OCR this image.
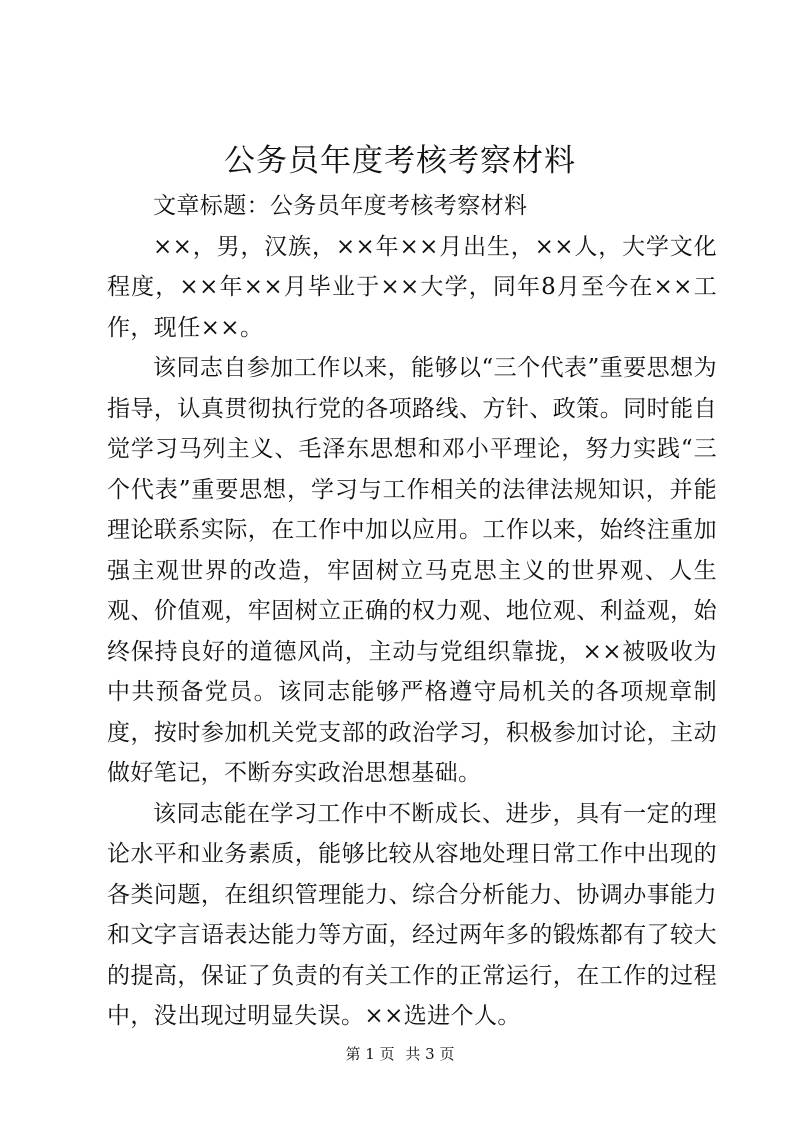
公务员年度考核考察材料

文章标题：公务员年度考核考察材料

××，男，汉族，××年××月出生，××人，大学文化程度，××年××月毕业于××大学，同年8月至今在××工作，现任××。

该同志自参加工作以来，能够以“三个代表”重要思想为指导，认真贯彻执行党的各项路线、方针、政策。同时能自觉学习马列主义、毛泽东思想和邓小平理论，努力实践“三个代表”重要思想，学习与工作相关的法律法规知识，并能理论联系实际，在工作中加以应用。工作以来，始终注重加强主观世界的改造，牢固树立马克思主义的世界观、人生观、价值观，牢固树立正确的权力观、地位观、利益观，始终保持良好的道德风尚，主动与党组织靠拢，××被吸收为中共预备党员。该同志能够严格遵守局机关的各项规章制度，按时参加机关党支部的政治学习，积极参加讨论，主动做好笔记，不断夯实政治思想基础。

该同志能在学习工作中不断成长、进步，具有一定的理论水平和业务素质，能够比较从容地处理日常工作中出现的各类问题，在组织管理能力、综合分析能力、协调办事能力和文字言语表达能力等方面，经过两年多的锻炼都有了较大的提高，保证了负责的有关工作的正常运行，在工作的过程中，没出现过明显失误。××选进个人。

第 1 页 共 3 页
